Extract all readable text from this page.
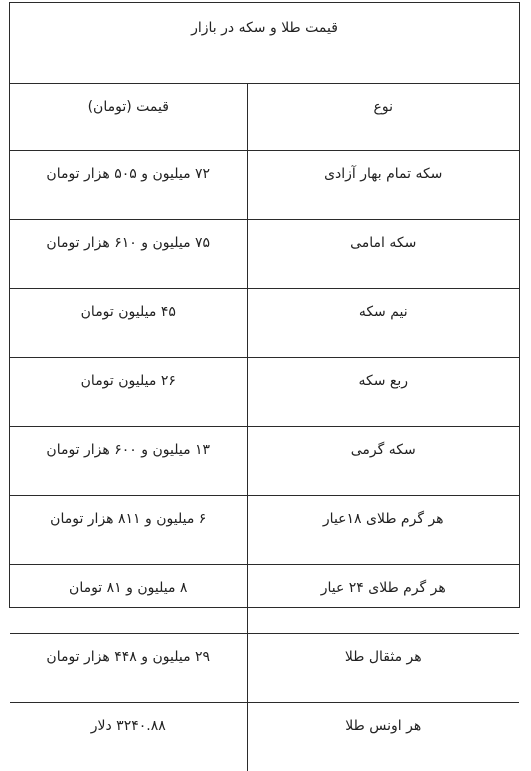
قیمت طلا و سکه در بازار	
نوع	قیمت (تومان)
سکه تمام بهار آزادی	۷۲ میلیون و ۵۰۵ هزار تومان
سکه امامی	۷۵ میلیون و ۶۱۰ هزار تومان
نیم سکه	۴۵ میلیون تومان
ربع سکه	۲۶ میلیون تومان
سکه گرمی	۱۳ میلیون و ۶۰۰ هزار تومان
هر گرم طلای ۱۸عیار	۶ میلیون و ۸۱۱ هزار تومان
هر گرم طلای ۲۴ عیار	۸ میلیون و ۸۱ تومان
هر مثقال طلا	۲۹ میلیون و ۴۴۸ هزار تومان
هر اونس طلا	۳۲۴۰.۸۸ دلار
